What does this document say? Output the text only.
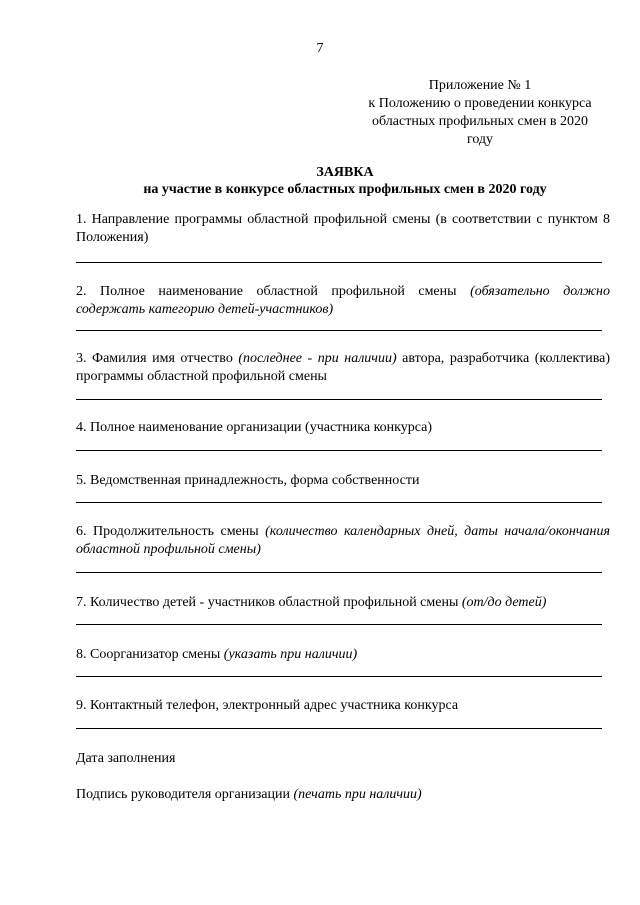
7
Приложение № 1
к Положению о проведении конкурса
областных профильных смен в 2020
году
ЗАЯВКА
на участие в конкурсе областных профильных смен в 2020 году
1. Направление программы областной профильной смены (в соответствии с пунктом 8 Положения)
2. Полное наименование областной профильной смены (обязательно должно содержать категорию детей-участников)
3. Фамилия имя отчество (последнее - при наличии) автора, разработчика (коллектива) программы областной профильной смены
4. Полное наименование организации (участника конкурса)
5. Ведомственная принадлежность, форма собственности
6. Продолжительность смены (количество календарных дней, даты начала/окончания областной профильной смены)
7. Количество детей - участников областной профильной смены (от/до детей)
8. Соорганизатор смены (указать при наличии)
9. Контактный телефон, электронный адрес участника конкурса
Дата заполнения
Подпись руководителя организации (печать при наличии)
